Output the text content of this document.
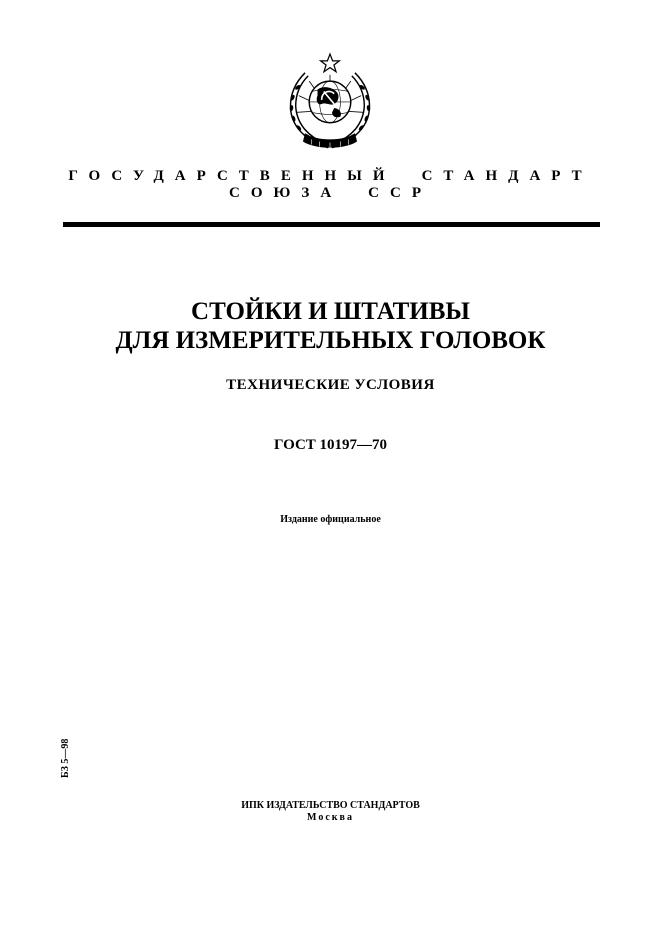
ГОСУДАРСТВЕННЫЙ СТАНДАРТ
СОЮЗА ССР
СТОЙКИ И ШТАТИВЫ
ДЛЯ ИЗМЕРИТЕЛЬНЫХ ГОЛОВОК
ТЕХНИЧЕСКИЕ УСЛОВИЯ
ГОСТ 10197—70
Издание официальное
БЗ 5—98
ИПК ИЗДАТЕЛЬСТВО СТАНДАРТОВ
Москва
